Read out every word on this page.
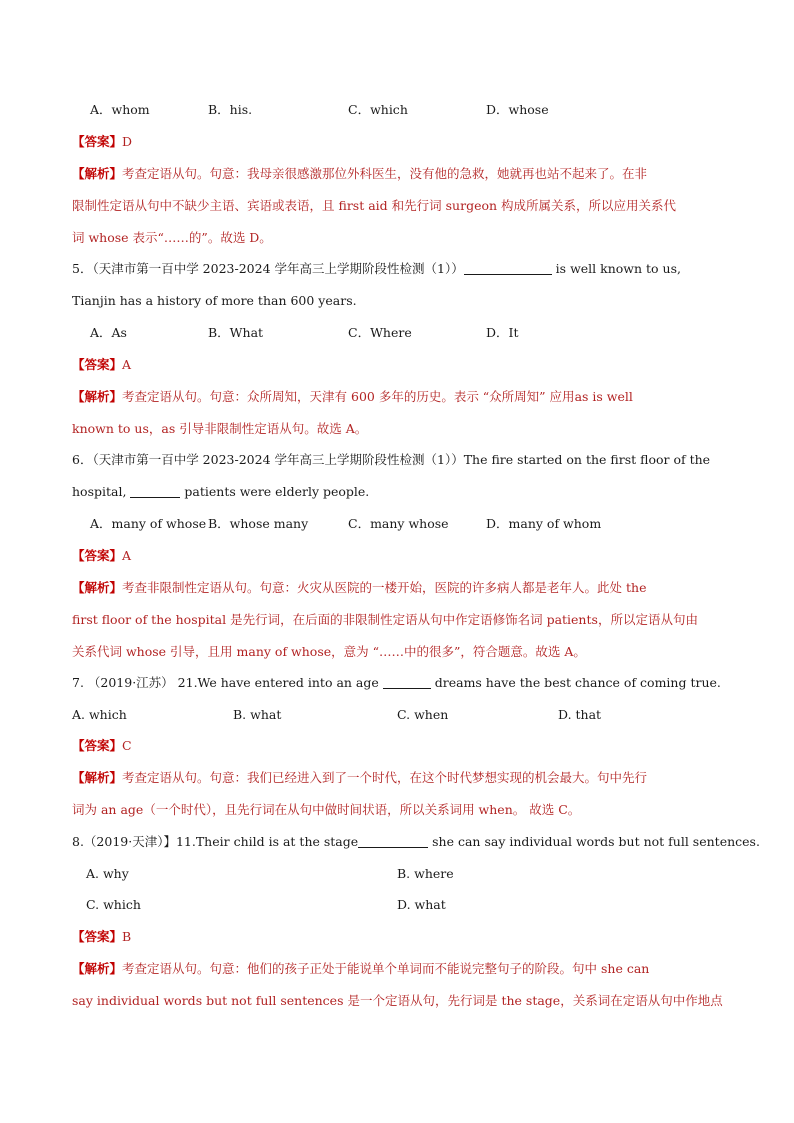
A．whom	B．his.	C．which	D．whose
【答案】D
【解析】考查定语从句。句意：我母亲很感激那位外科医生，没有他的急救，她就再也站不起来了。在非
限制性定语从句中不缺少主语、宾语或表语，且 first aid 和先行词 surgeon 构成所属关系，所以应用关系代
词 whose 表示“……的”。故选 D。
5．（天津市第一百中学 2023-2024 学年高三上学期阶段性检测（1））	is well known to us,
Tianjin has a history of more than 600 years.
A．As	B．What	C．Where	D．It
【答案】A
【解析】考查定语从句。句意：众所周知，天津有 600 多年的历史。表示 “众所周知” 应用as is well
known to us，as 引导非限制性定语从句。故选 A。
6．（天津市第一百中学 2023-2024 学年高三上学期阶段性检测（1））The fire started on the first floor of the
hospital,	patients were elderly people.
A．many of whose B．whose many	C．many whose	D．many of whom
【答案】A
【解析】考查非限制性定语从句。句意：火灾从医院的一楼开始，医院的许多病人都是老年人。此处 the
first floor of the hospital 是先行词，在后面的非限制性定语从句中作定语修饰名词 patients，所以定语从句由
关系代词 whose 引导，且用 many of whose，意为 “……中的很多”，符合题意。故选 A。
7. （2019·江苏） 21.We have entered into an age	dreams have the best chance of coming true.
A. which	B. what	C. when	D. that
【答案】C
【解析】考查定语从句。句意：我们已经进入到了一个时代，在这个时代梦想实现的机会最大。句中先行
词为 an age（一个时代），且先行词在从句中做时间状语，所以关系词用 when。 故选 C。
8.（2019·天津）】11.Their child is at the stage	she can say individual words but not full sentences.
A. why	B. where
C. which	D. what
【答案】B
【解析】考查定语从句。句意：他们的孩子正处于能说单个单词而不能说完整句子的阶段。句中 she can
say individual words but not full sentences 是一个定语从句，先行词是 the stage，关系词在定语从句中作地点
